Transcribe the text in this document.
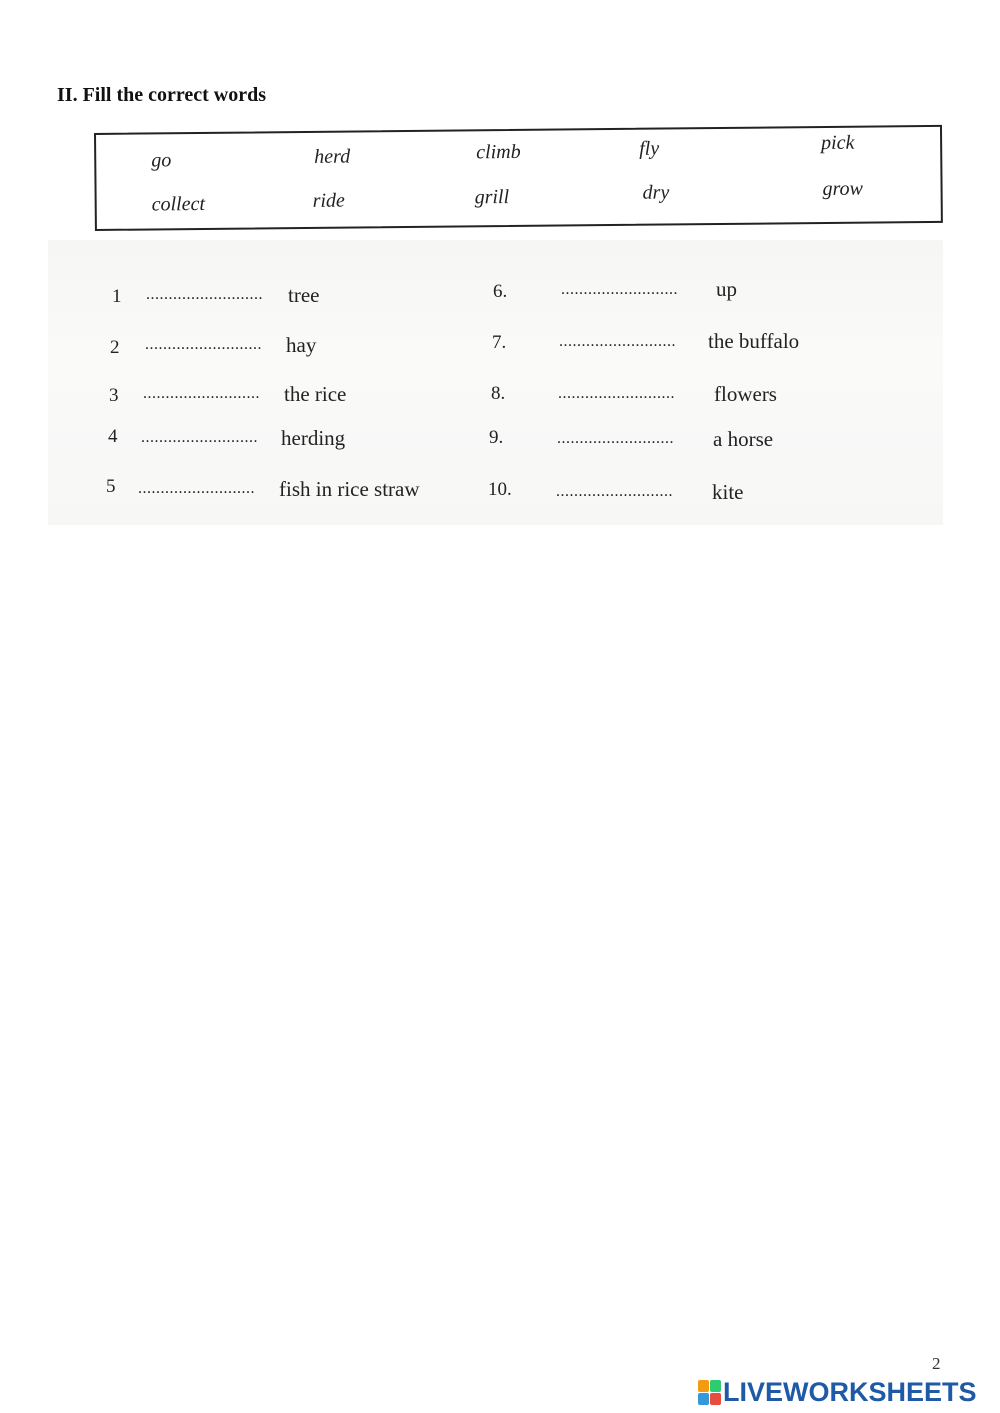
II. Fill the correct words
go	herd	climb	fly	pick
collect	ride	grill	dry	grow
1 .......................... tree
2 .......................... hay
3 .......................... the rice
4 .......................... herding
5 .......................... fish in rice straw
6.	.......................... up
7.	.......................... the buffalo
8.	.......................... flowers
9.	.......................... a horse
10.	.......................... kite
2
LIVEWORKSHEETS
